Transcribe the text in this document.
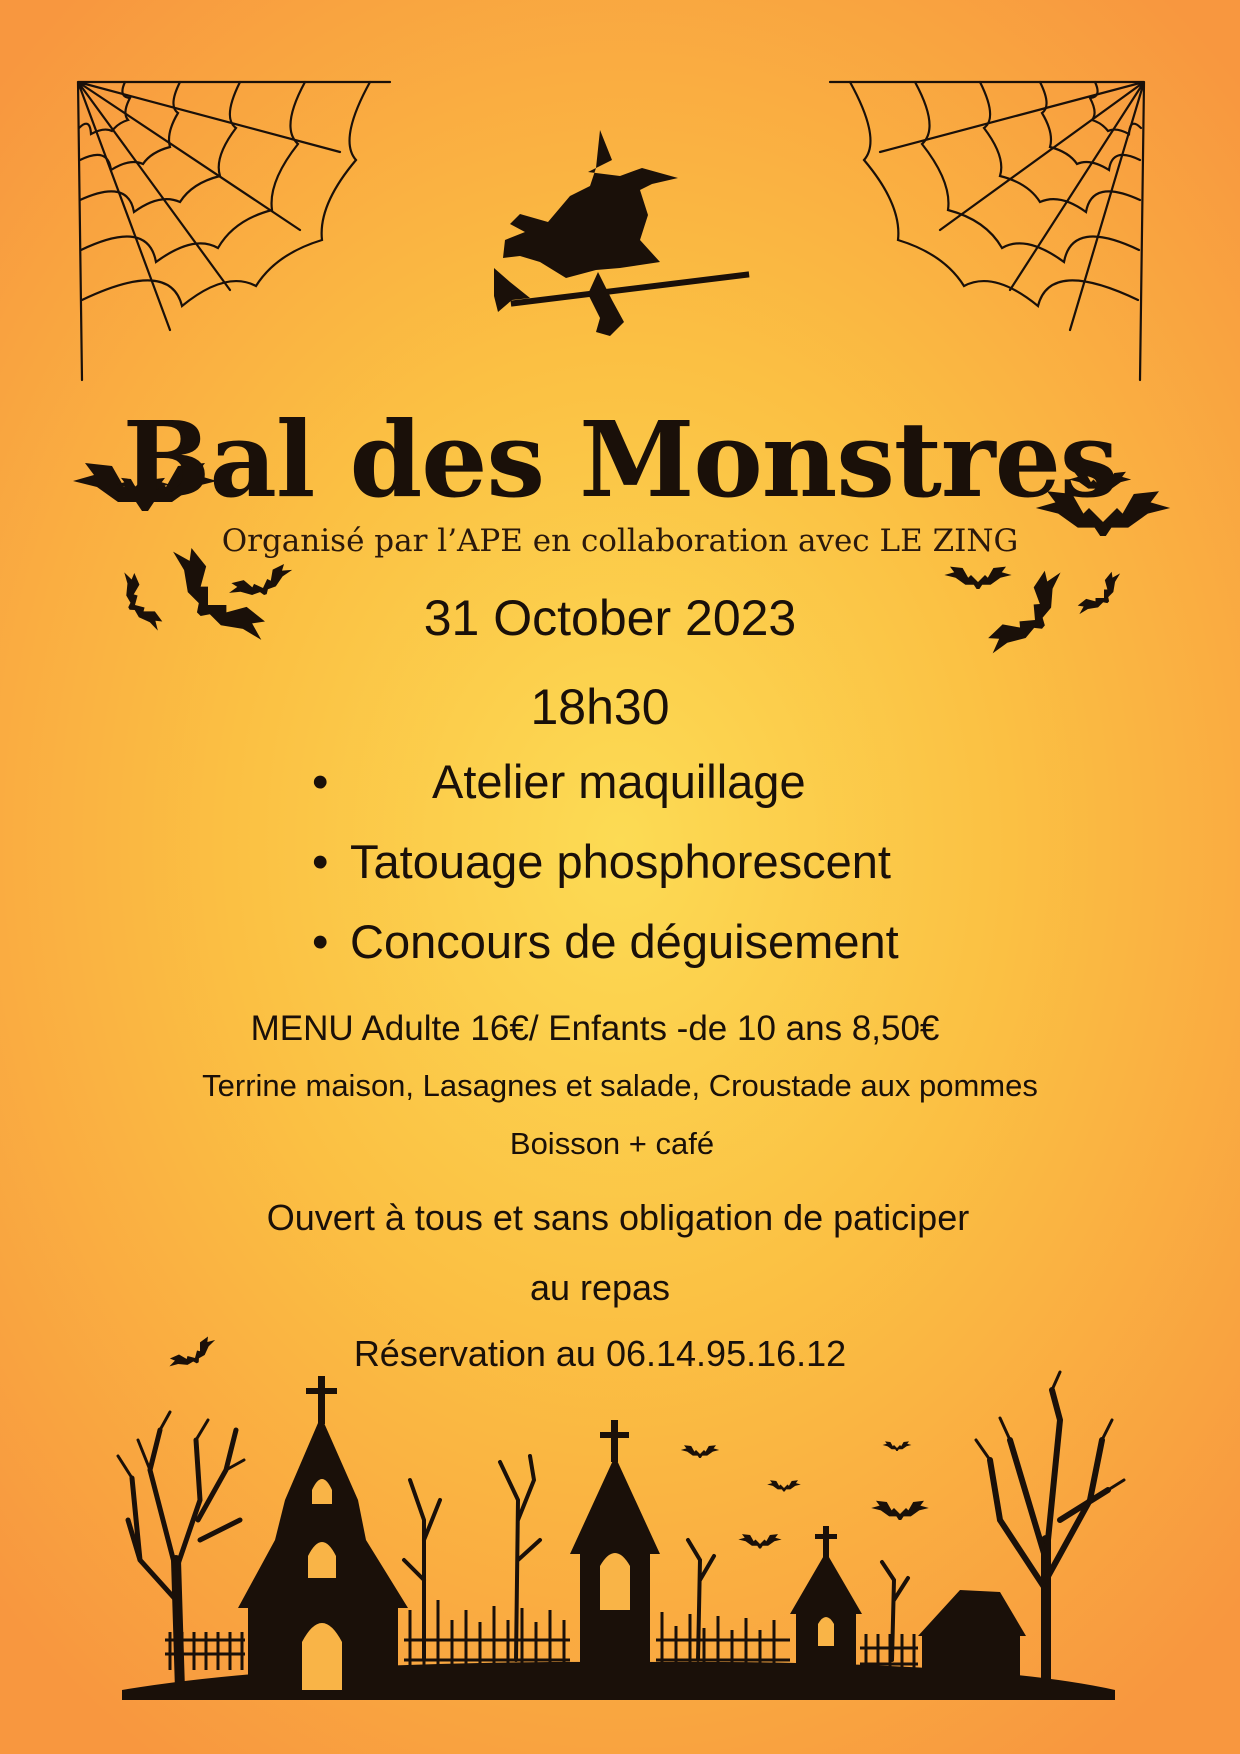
Bal des Monstres

Organisé par l’APE en collaboration avec LE ZING

31 October 2023

18h30

• Atelier maquillage
• Tatouage phosphorescent
• Concours de déguisement

MENU Adulte 16€/ Enfants -de 10 ans 8,50€

Terrine maison, Lasagnes et salade, Croustade aux pommes

Boisson + café

Ouvert à tous et sans obligation de paticiper

au repas

Réservation au 06.14.95.16.12
